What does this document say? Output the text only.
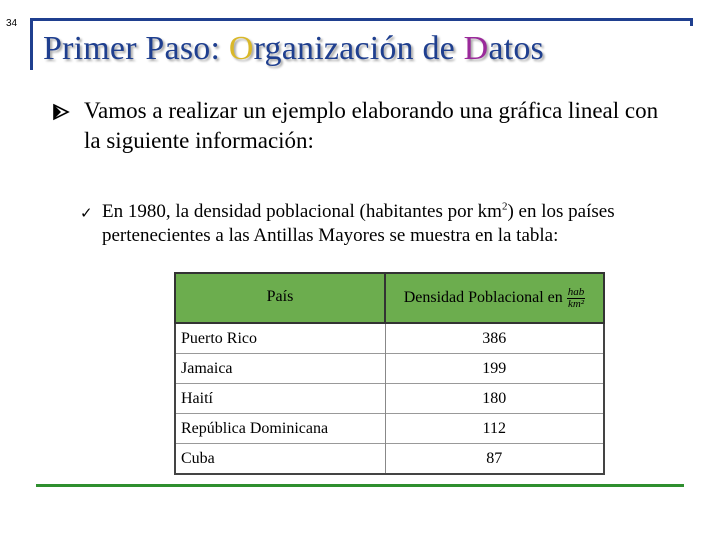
34
Primer Paso: Organización de Datos
Vamos a realizar un ejemplo elaborando una gráfica lineal con la siguiente información:
✓ En 1980, la densidad poblacional (habitantes por $km^2$) en los países pertenecientes a las Antillas Mayores se muestra en la tabla:
País	Densidad Poblacional en $\frac{\text{hab}}{\text{km²}}$

Puerto Rico	386
Jamaica	199
Haití	180
República Dominicana	112
Cuba	87
